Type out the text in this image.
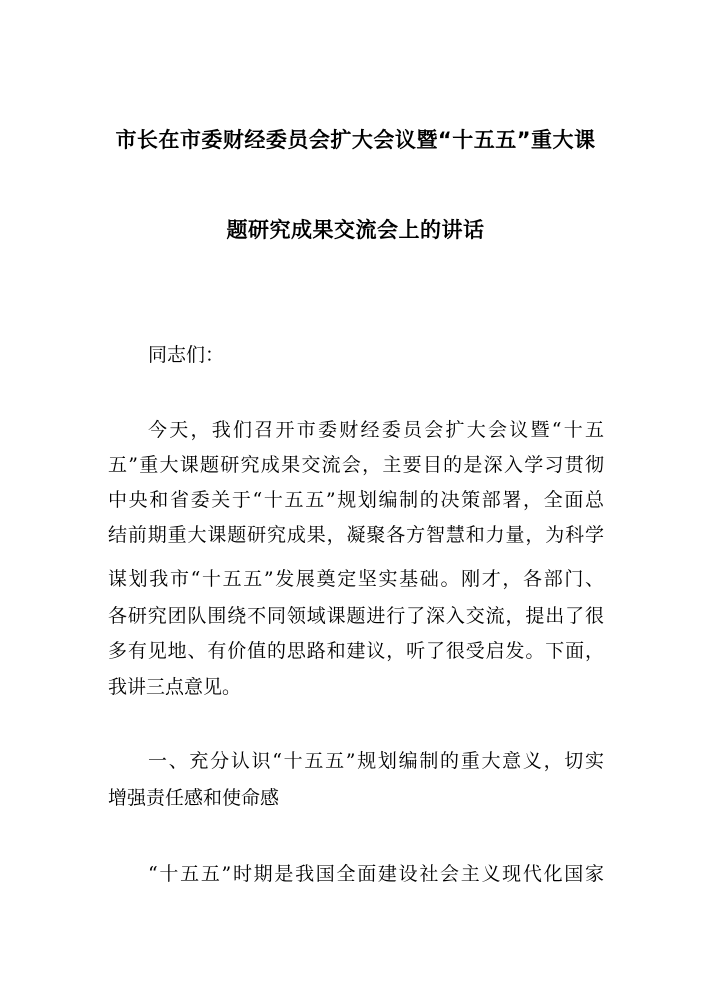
市长在市委财经委员会扩大会议暨“十五五”重大课
题研究成果交流会上的讲话
同志们：
今天，我们召开市委财经委员会扩大会议暨“十五
五”重大课题研究成果交流会，主要目的是深入学习贯彻
中央和省委关于“十五五”规划编制的决策部署，全面总
结前期重大课题研究成果，凝聚各方智慧和力量，为科学
谋划我市“十五五”发展奠定坚实基础。刚才，各部门、
各研究团队围绕不同领域课题进行了深入交流，提出了很
多有见地、有价值的思路和建议，听了很受启发。下面，
我讲三点意见。
一、充分认识“十五五”规划编制的重大意义，切实
增强责任感和使命感
“十五五”时期是我国全面建设社会主义现代化国家
